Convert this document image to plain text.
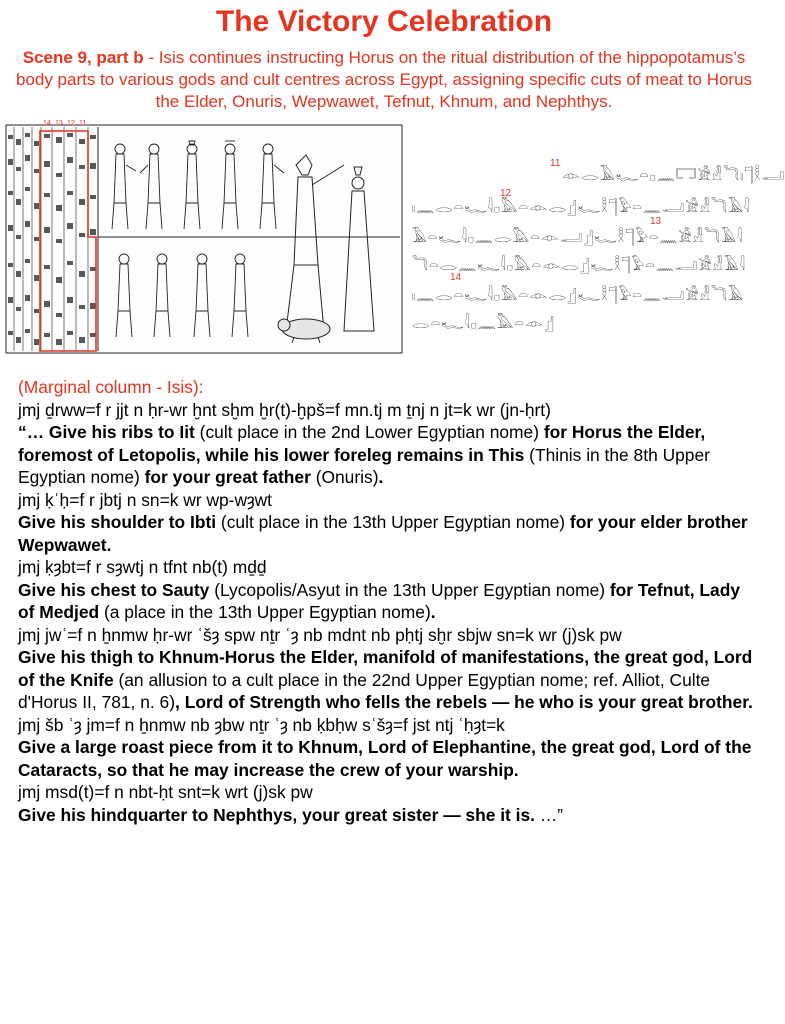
The Victory Celebration
Scene 9, part b - Isis continues instructing Horus on the ritual distribution of the hippopotamus’s body parts to various gods and cult centres across Egypt, assigning specific cuts of meat to Horus the Elder, Onuris, Wepwawet, Tefnut, Khnum, and Nephthys.
14 13 12 11
𓁹𓂋𓄿𓆑𓏏𓊪𓈖𓉐𓀀𓁐𓆓𓏤𓊹𓎛𓂝
𓏤𓈖𓂋𓏏𓆑𓇋𓊪𓅓𓏏𓁹𓂋𓊨𓆑𓎛𓊹𓅱𓏏𓈖𓂝𓀀𓁐𓆓𓄿𓇋
𓄿𓏏𓆑𓇋𓊪𓈖𓂋𓅓𓏏𓁹𓂝𓊨𓆑𓎛𓊹𓅱𓏏𓈖𓀀𓁐𓆓𓄿𓇋
𓆓𓏏𓂋𓈖𓆑𓇋𓊪𓅓𓏏𓁹𓂋𓊨𓆑𓎛𓊹𓅱𓏏𓈖𓂝𓀀𓁐𓄿𓇋
𓏤𓈖𓂋𓏏𓆑𓇋𓊪𓅓𓏏𓁹𓂋𓊨𓆑𓎛𓊹𓅱𓏏𓈖𓂝𓀀𓁐𓆓𓄿
𓂋𓏏𓆑𓇋𓊪𓈖𓅓𓏏𓁹𓊨
11
12
13
14

(Marginal column - Isis):

jmj ḏrww=f r jjt n ḥr-wr ḫnt sḫm ḫr(t)-ḫpš=f mn.tj m ṯnj n jt=k wr (jn-ḥrt)

“… Give his ribs to Iit (cult place in the 2nd Lower Egyptian nome) for Horus the Elder, foremost of Letopolis, while his lower foreleg remains in This (Thinis in the 8th Upper Egyptian nome) for your great father (Onuris).

jmj ḳʿḥ=f r jbtj n sn=k wr wp-wȝwt

Give his shoulder to Ibti (cult place in the 13th Upper Egyptian nome) for your elder brother Wepwawet.

jmj ḳȝbt=f r sȝwtj n tfnt nb(t) mḏḏ

Give his chest to Sauty (Lycopolis/Asyut in the 13th Upper Egyptian nome) for Tefnut, Lady of Medjed (a place in the 13th Upper Egyptian nome).

jmj jwʿ=f n ẖnmw ḥr-wr ʿšȝ spw nṯr ʿȝ nb mdnt nb pḥtj sḫr sbjw sn=k wr (j)sk pw

Give his thigh to Khnum-Horus the Elder, manifold of manifestations, the great god, Lord of the Knife (an allusion to a cult place in the 22nd Upper Egyptian nome; ref. Alliot, Culte d'Horus II, 781, n. 6), Lord of Strength who fells the rebels — he who is your great brother.

jmj šb ʿȝ jm=f n ẖnmw nb ȝbw nṯr ʿȝ nb ḳbḥw sʿšȝ=f jst ntj ʿḥȝt=k

Give a large roast piece from it to Khnum, Lord of Elephantine, the great god, Lord of the Cataracts, so that he may increase the crew of your warship.

jmj msd(t)=f n nbt-ḥt snt=k wrt (j)sk pw

Give his hindquarter to Nephthys, your great sister — she it is. …”
